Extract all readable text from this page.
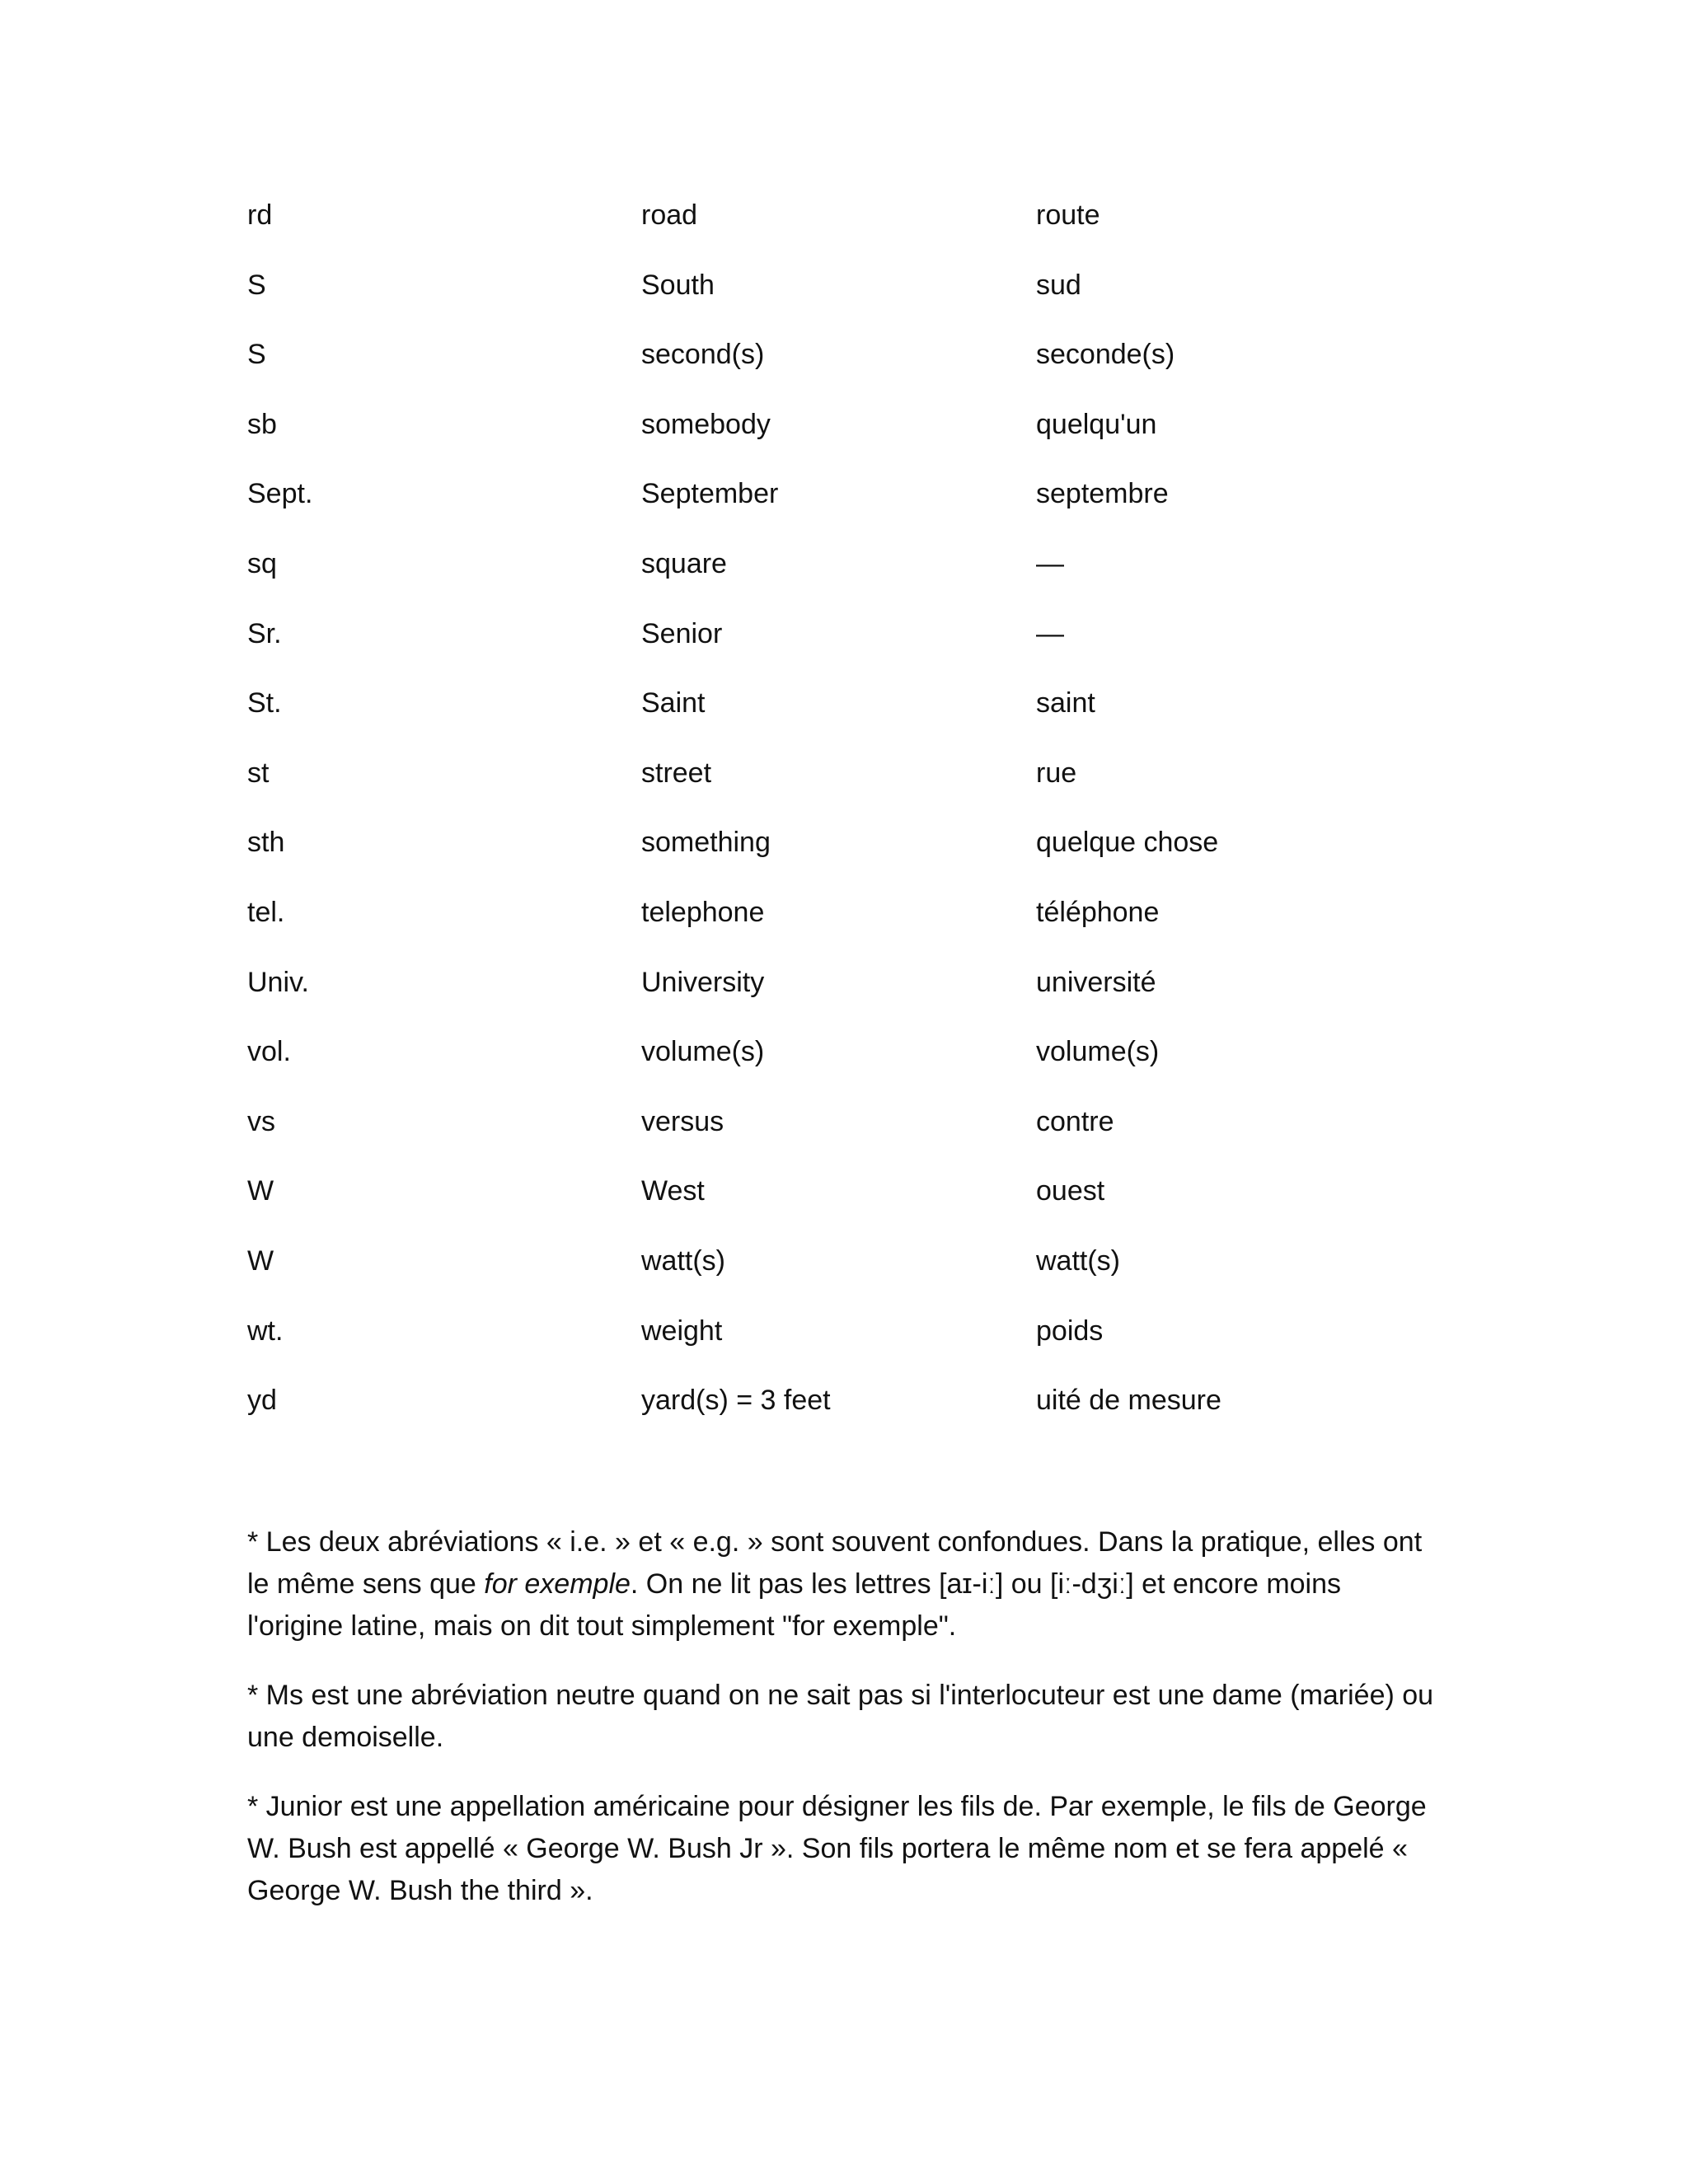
rd	road	route
S	South	sud
S	second(s)	seconde(s)
sb	somebody	quelqu'un
Sept.	September	septembre
sq	square	—
Sr.	Senior	—
St.	Saint	saint
st	street	rue
sth	something	quelque chose
tel.	telephone	téléphone
Univ.	University	université
vol.	volume(s)	volume(s)
vs	versus	contre
W	West	ouest
W	watt(s)	watt(s)
wt.	weight	poids
yd	yard(s) = 3 feet	uité de mesure

* Les deux abréviations « i.e. » et « e.g. » sont souvent confondues. Dans la pratique, elles ont le même sens que for exemple. On ne lit pas les lettres [aɪ-iː] ou [iː-dʒiː] et encore moins l'origine latine, mais on dit tout simplement "for exemple".

* Ms est une abréviation neutre quand on ne sait pas si l'interlocuteur est une dame (mariée) ou une demoiselle.

* Junior est une appellation américaine pour désigner les fils de. Par exemple, le fils de George W. Bush est appellé « George W. Bush Jr ». Son fils portera le même nom et se fera appelé « George W. Bush the third ».
